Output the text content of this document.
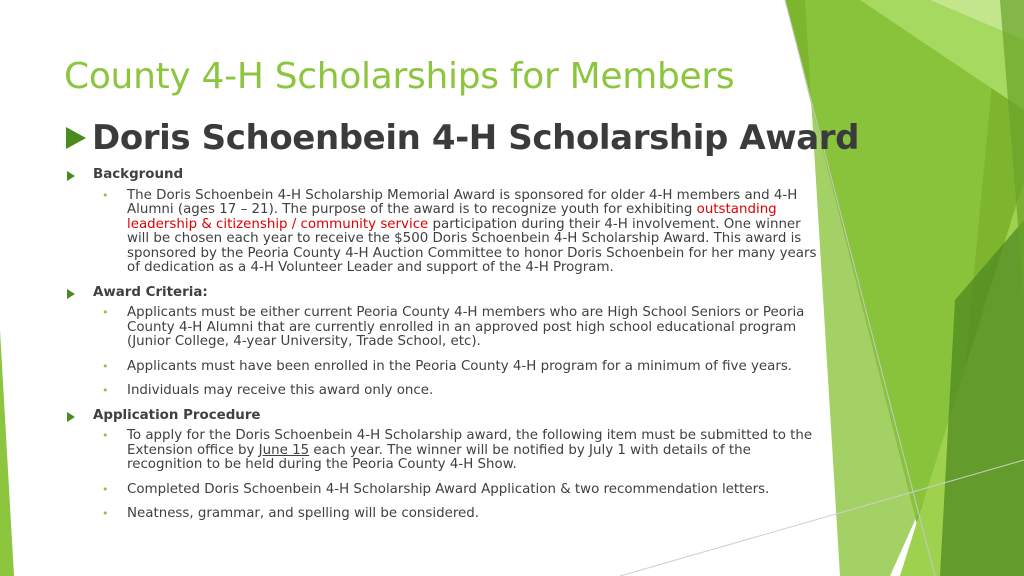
County 4-H Scholarships for Members
Doris Schoenbein 4-H Scholarship Award
Background
• The Doris Schoenbein 4-H Scholarship Memorial Award is sponsored for older 4-H members and 4-H Alumni (ages 17 – 21). The purpose of the award is to recognize youth for exhibiting outstanding leadership & citizenship / community service participation during their 4-H involvement. One winner will be chosen each year to receive the $500 Doris Schoenbein 4-H Scholarship Award. This award is sponsored by the Peoria County 4-H Auction Committee to honor Doris Schoenbein for her many years of dedication as a 4-H Volunteer Leader and support of the 4-H Program.
Award Criteria:
• Applicants must be either current Peoria County 4-H members who are High School Seniors or Peoria County 4-H Alumni that are currently enrolled in an approved post high school educational program (Junior College, 4-year University, Trade School, etc).
• Applicants must have been enrolled in the Peoria County 4-H program for a minimum of five years.
• Individuals may receive this award only once.
Application Procedure
• To apply for the Doris Schoenbein 4-H Scholarship award, the following item must be submitted to the Extension office by June 15 each year. The winner will be notified by July 1 with details of the recognition to be held during the Peoria County 4-H Show.
• Completed Doris Schoenbein 4-H Scholarship Award Application & two recommendation letters.
• Neatness, grammar, and spelling will be considered.
